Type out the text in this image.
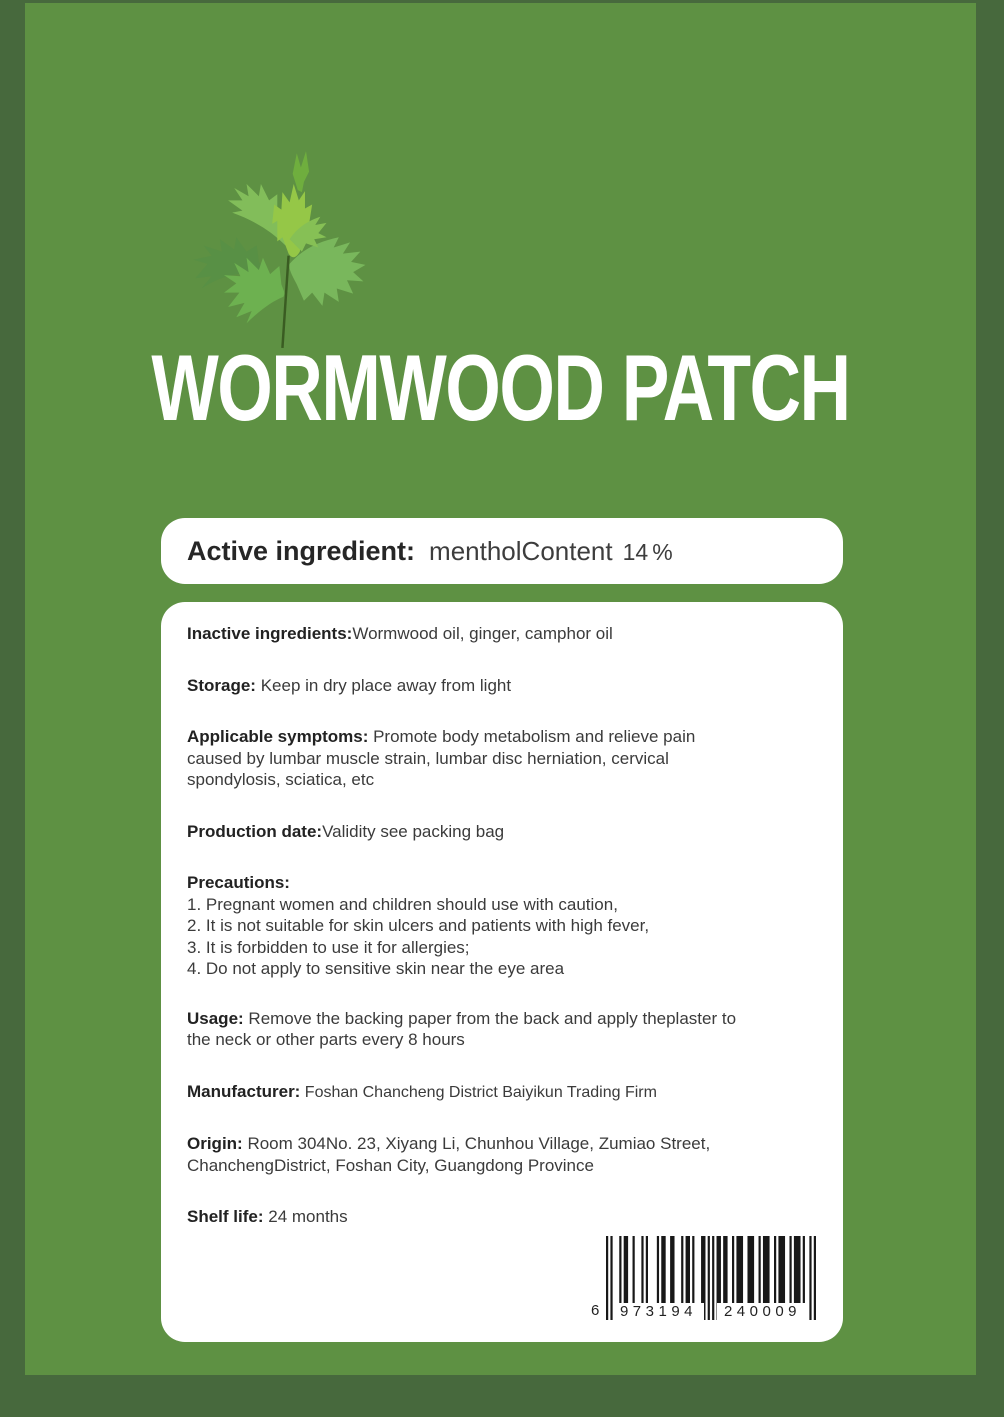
WORMWOOD PATCH
Active ingredient: mentholContent 14 %

Inactive ingredients:Wormwood oil, ginger, camphor oil

Storage: Keep in dry place away from light

Applicable symptoms: Promote body metabolism and relieve pain caused by lumbar muscle strain, lumbar disc herniation, cervical spondylosis, sciatica, etc

Production date:Validity see packing bag

Precautions:
1. Pregnant women and children should use with caution,
2. It is not suitable for skin ulcers and patients with high fever,
3. It is forbidden to use it for allergies;
4. Do not apply to sensitive skin near the eye area

Usage: Remove the backing paper from the back and apply theplaster to the neck or other parts every 8 hours

Manufacturer: Foshan Chancheng District Baiyikun Trading Firm

Origin: Room 304No. 23, Xiyang Li, Chunhou Village, Zumiao Street, ChanchengDistrict, Foshan City, Guangdong Province

Shelf life: 24 months

6	973194	240009
